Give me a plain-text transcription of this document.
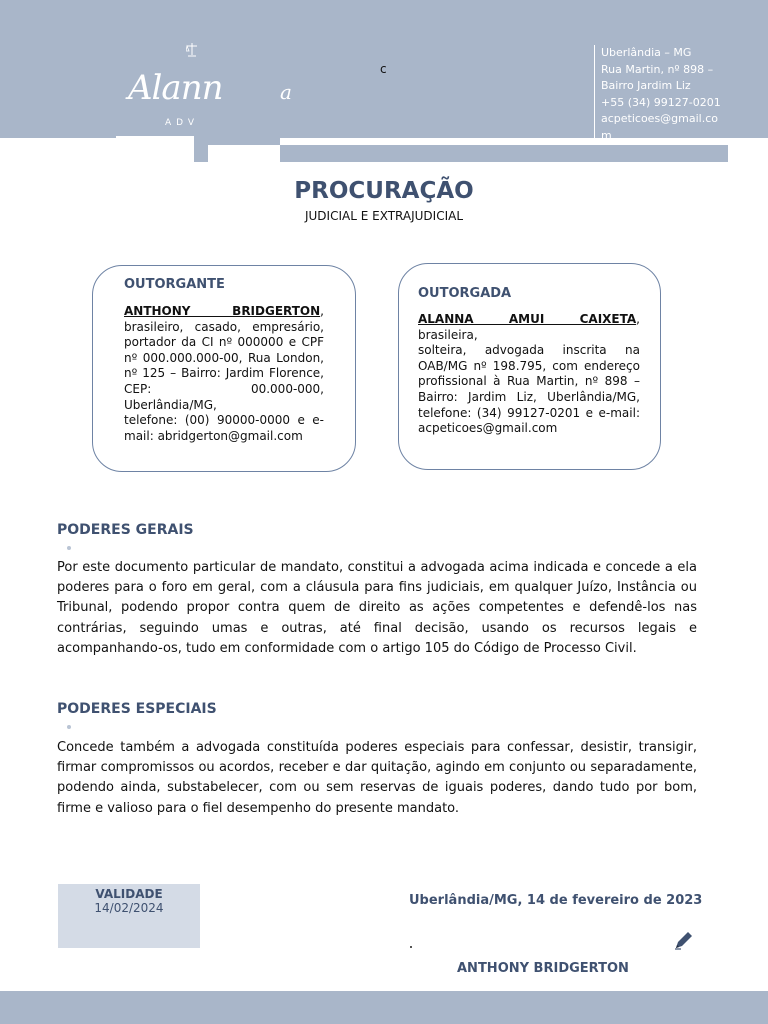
Alann	a
ADV
c
Uberlândia – MG
Rua Martin, nº 898 –
Bairro Jardim Liz
+55 (34) 99127-0201
acpeticoes@gmail.co
m
PROCURAÇÃO
JUDICIAL E EXTRAJUDICIAL
OUTORGANTE
ANTHONY BRIDGERTON,
brasileiro, casado, empresário,
portador da CI nº 000000 e CPF
nº 000.000.000-00, Rua London,
nº 125 – Bairro: Jardim Florence,
CEP: 00.000-000, Uberlândia/MG,
telefone: (00) 90000-0000 e e-
mail: abridgerton@gmail.com
OUTORGADA
ALANNA AMUI CAIXETA, brasileira,
solteira, advogada inscrita na
OAB/MG nº 198.795, com endereço
profissional à Rua Martin, nº 898 –
Bairro: Jardim Liz, Uberlândia/MG,
telefone: (34) 99127-0201 e e-mail:
acpeticoes@gmail.com
PODERES GERAIS
Por este documento particular de mandato, constitui a advogada acima indicada e concede a ela poderes para o foro em geral, com a cláusula para fins judiciais, em qualquer Juízo, Instância ou Tribunal, podendo propor contra quem de direito as ações competentes e defendê-los nas contrárias, seguindo umas e outras, até final decisão, usando os recursos legais e acompanhando-os, tudo em conformidade com o artigo 105 do Código de Processo Civil.
PODERES ESPECIAIS
Concede também a advogada constituída poderes especiais para confessar, desistir, transigir, firmar compromissos ou acordos, receber e dar quitação, agindo em conjunto ou separadamente, podendo ainda, substabelecer, com ou sem reservas de iguais poderes, dando tudo por bom, firme e valioso para o fiel desempenho do presente mandato.
VALIDADE
14/02/2024	Uberlândia/MG, 14 de fevereiro de 2023
ANTHONY BRIDGERTON
